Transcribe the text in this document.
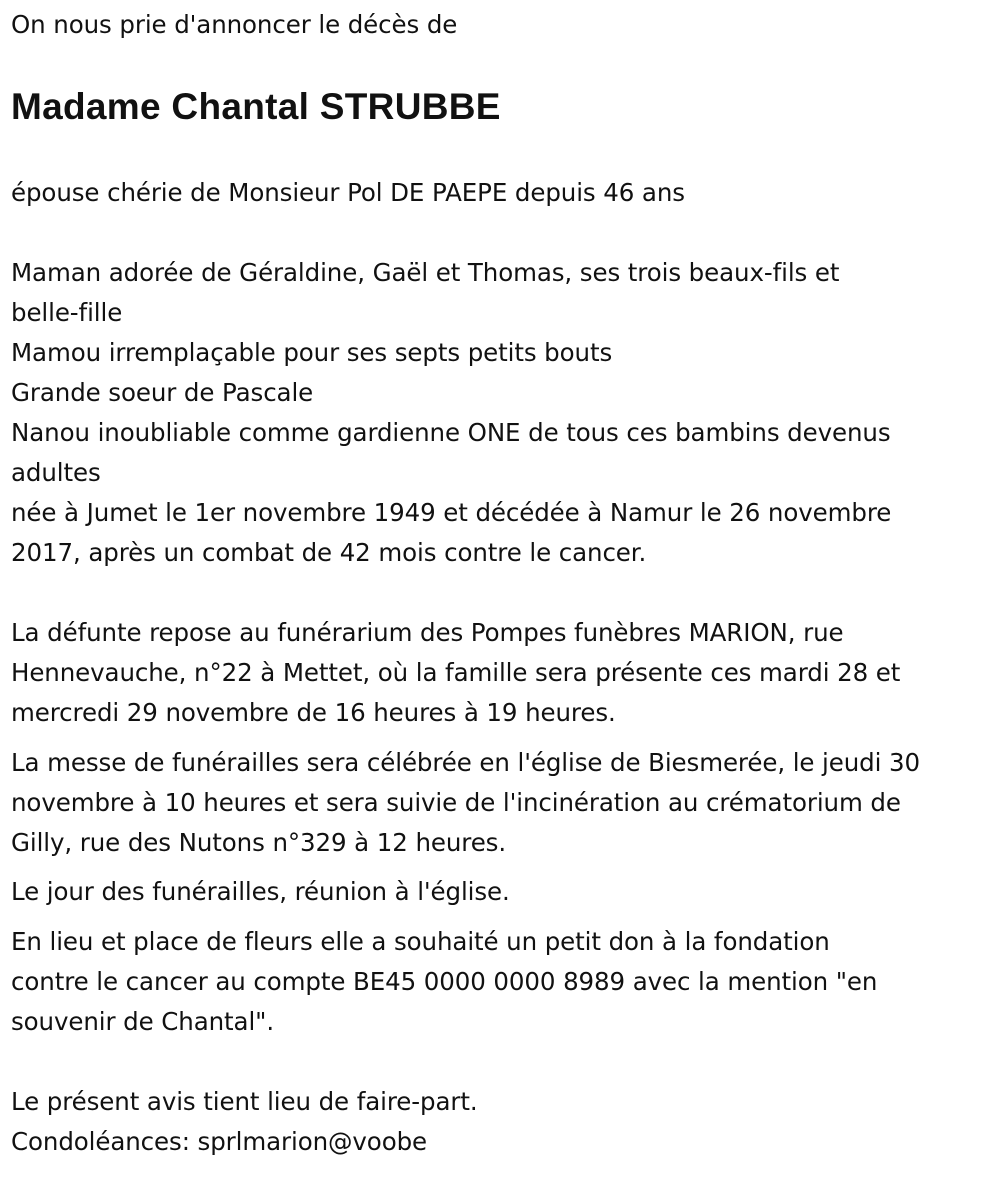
On nous prie d'annoncer le décès de

Madame Chantal STRUBBE

épouse chérie de Monsieur Pol DE PAEPE depuis 46 ans

Maman adorée de Géraldine, Gaël et Thomas, ses trois beaux-fils et

belle-fille

Mamou irremplaçable pour ses septs petits bouts

Grande soeur de Pascale

Nanou inoubliable comme gardienne ONE de tous ces bambins devenus

adultes

née à Jumet le 1er novembre 1949 et décédée à Namur le 26 novembre

2017, après un combat de 42 mois contre le cancer.

La défunte repose au funérarium des Pompes funèbres MARION, rue

Hennevauche, n°22 à Mettet, où la famille sera présente ces mardi 28 et

mercredi 29 novembre de 16 heures à 19 heures.

La messe de funérailles sera célébrée en l'église de Biesmerée, le jeudi 30

novembre à 10 heures et sera suivie de l'incinération au crématorium de

Gilly, rue des Nutons n°329 à 12 heures.

Le jour des funérailles, réunion à l'église.

En lieu et place de fleurs elle a souhaité un petit don à la fondation

contre le cancer au compte BE45 0000 0000 8989 avec la mention "en

souvenir de Chantal".

Le présent avis tient lieu de faire-part.

Condoléances: sprlmarion@voobe
